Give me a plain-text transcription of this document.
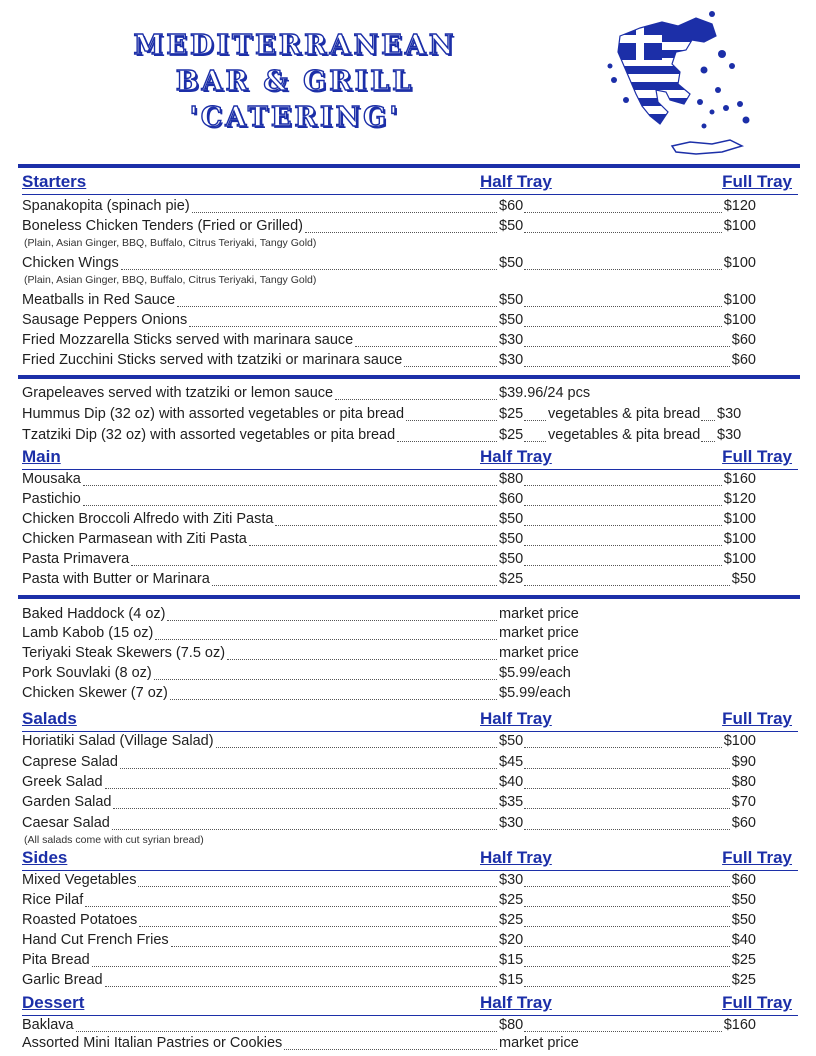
MEDITERRANEAN
BAR & GRILL
'CATERING'
Starters	Half Tray	Full Tray
Spanakopita (spinach pie)	$60	$120
Boneless Chicken Tenders (Fried or Grilled)	$50	$100
Chicken Wings	$50	$100
Meatballs in Red Sauce	$50	$100
Sausage Peppers Onions	$50	$100
Fried Mozzarella Sticks served with marinara sauce	$30	$60
Fried Zucchini Sticks served with tzatziki or marinara sauce	$30	$60
(Plain, Asian Ginger, BBQ, Buffalo, Citrus Teriyaki, Tangy Gold)
(Plain, Asian Ginger, BBQ, Buffalo, Citrus Teriyaki, Tangy Gold)
Grapeleaves served with tzatziki or lemon sauce	$39.96/24 pcs
Hummus Dip (32 oz) with assorted vegetables or pita bread	$25 vegetables & pita bread $30
Tzatziki Dip (32 oz) with assorted vegetables or pita bread	$25 vegetables & pita bread $30
Main	Half Tray	Full Tray
Mousaka	$80	$160
Pastichio	$60	$120
Chicken Broccoli Alfredo with Ziti Pasta	$50	$100
Chicken Parmasean with Ziti Pasta	$50	$100
Pasta Primavera	$50	$100
Pasta with Butter or Marinara	$25	$50
Baked Haddock (4 oz)	market price
Lamb Kabob (15 oz)	market price
Teriyaki Steak Skewers (7.5 oz)	market price
Pork Souvlaki (8 oz)	$5.99/each
Chicken Skewer (7 oz)	$5.99/each
Salads	Half Tray	Full Tray
Horiatiki Salad (Village Salad)	$50	$100
Caprese Salad	$45	$90
Greek Salad	$40	$80
Garden Salad	$35	$70
Caesar Salad	$30	$60
(All salads come with cut syrian bread)
Sides	Half Tray	Full Tray
Mixed Vegetables	$30	$60
Rice Pilaf	$25	$50
Roasted Potatoes	$25	$50
Hand Cut French Fries	$20	$40
Pita Bread	$15	$25
Garlic Bread	$15	$25
Dessert	Half Tray	Full Tray
Baklava	$80	$160
Assorted Mini Italian Pastries or Cookies	market price
